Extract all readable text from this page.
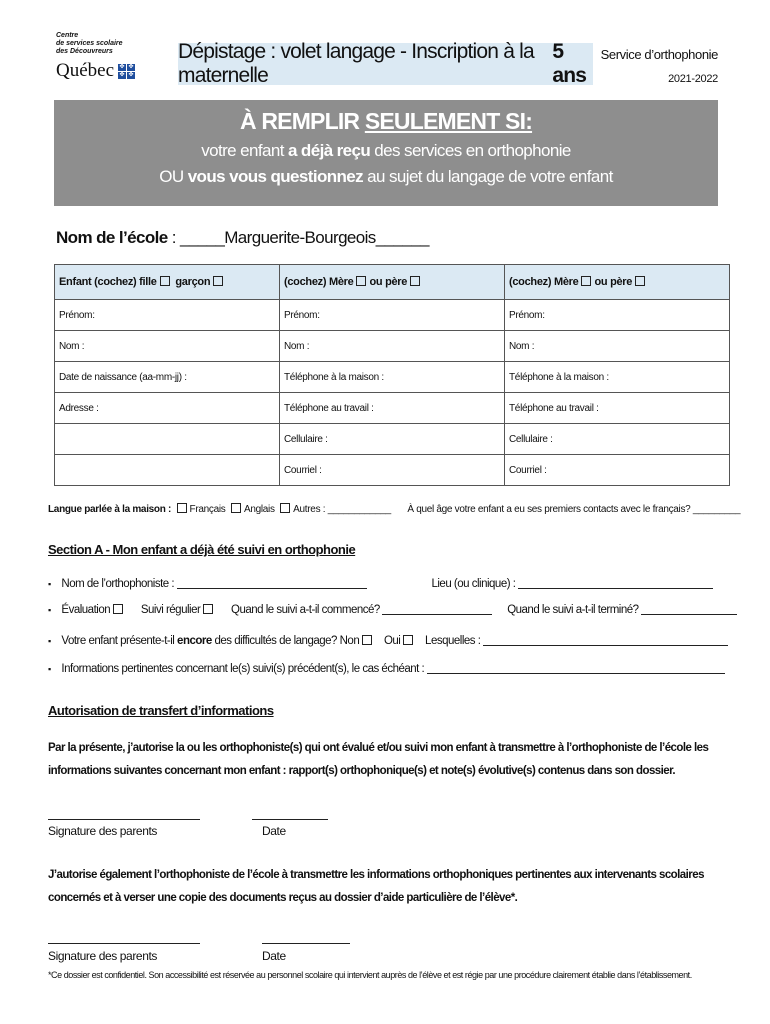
Centre
de services scolaire
des Découvreurs
Québec ✤ ✤
✤ ✤
Dépistage : volet langage - Inscription à la maternelle
5 ans
Service d’orthophonie
2021-2022
À REMPLIR SEULEMENT SI:
votre enfant a déjà reçu des services en orthophonie
OU vous vous questionnez au sujet du langage de votre enfant
Nom de l’école : _____Marguerite-Bourgeois______
Enfant (cochez) fille garçon	(cochez) Mère ou père	(cochez) Mère ou père
Prénom:	Prénom:	Prénom:
Nom :	Nom :	Nom :
Date de naissance (aa-mm-jj) :	Téléphone à la maison :	Téléphone à la maison :
Adresse :	Téléphone au travail :	Téléphone au travail :
	Cellulaire :	Cellulaire :
	Courriel :	Courriel :
Langue parlée à la maison : Français Anglais Autres : ____________ À quel âge votre enfant a eu ses premiers contacts avec le français? _________
Section A - Mon enfant a déjà été suivi en orthophonie
▪ Nom de l’orthophoniste :	Lieu (ou clinique) :
▪ Évaluation	Suivi régulier	Quand le suivi a-t-il commencé?	Quand le suivi a-t-il terminé?
▪ Votre enfant présente-t-il encore des difficultés de langage? Non Oui Lesquelles :
▪ Informations pertinentes concernant le(s) suivi(s) précédent(s), le cas échéant :
Autorisation de transfert d’informations
Par la présente, j’autorise la ou les orthophoniste(s) qui ont évalué et/ou suivi mon enfant à transmettre à l’orthophoniste de l’école les informations suivantes concernant mon enfant : rapport(s) orthophonique(s) et note(s) évolutive(s) contenus dans son dossier.
Signature des parents	Date
J’autorise également l’orthophoniste de l’école à transmettre les informations orthophoniques pertinentes aux intervenants scolaires concernés et à verser une copie des documents reçus au dossier d’aide particulière de l’élève*.
Signature des parents	Date
*Ce dossier est confidentiel. Son accessibilité est réservée au personnel scolaire qui intervient auprès de l’élève et est régie par une procédure clairement établie dans l’établissement.
